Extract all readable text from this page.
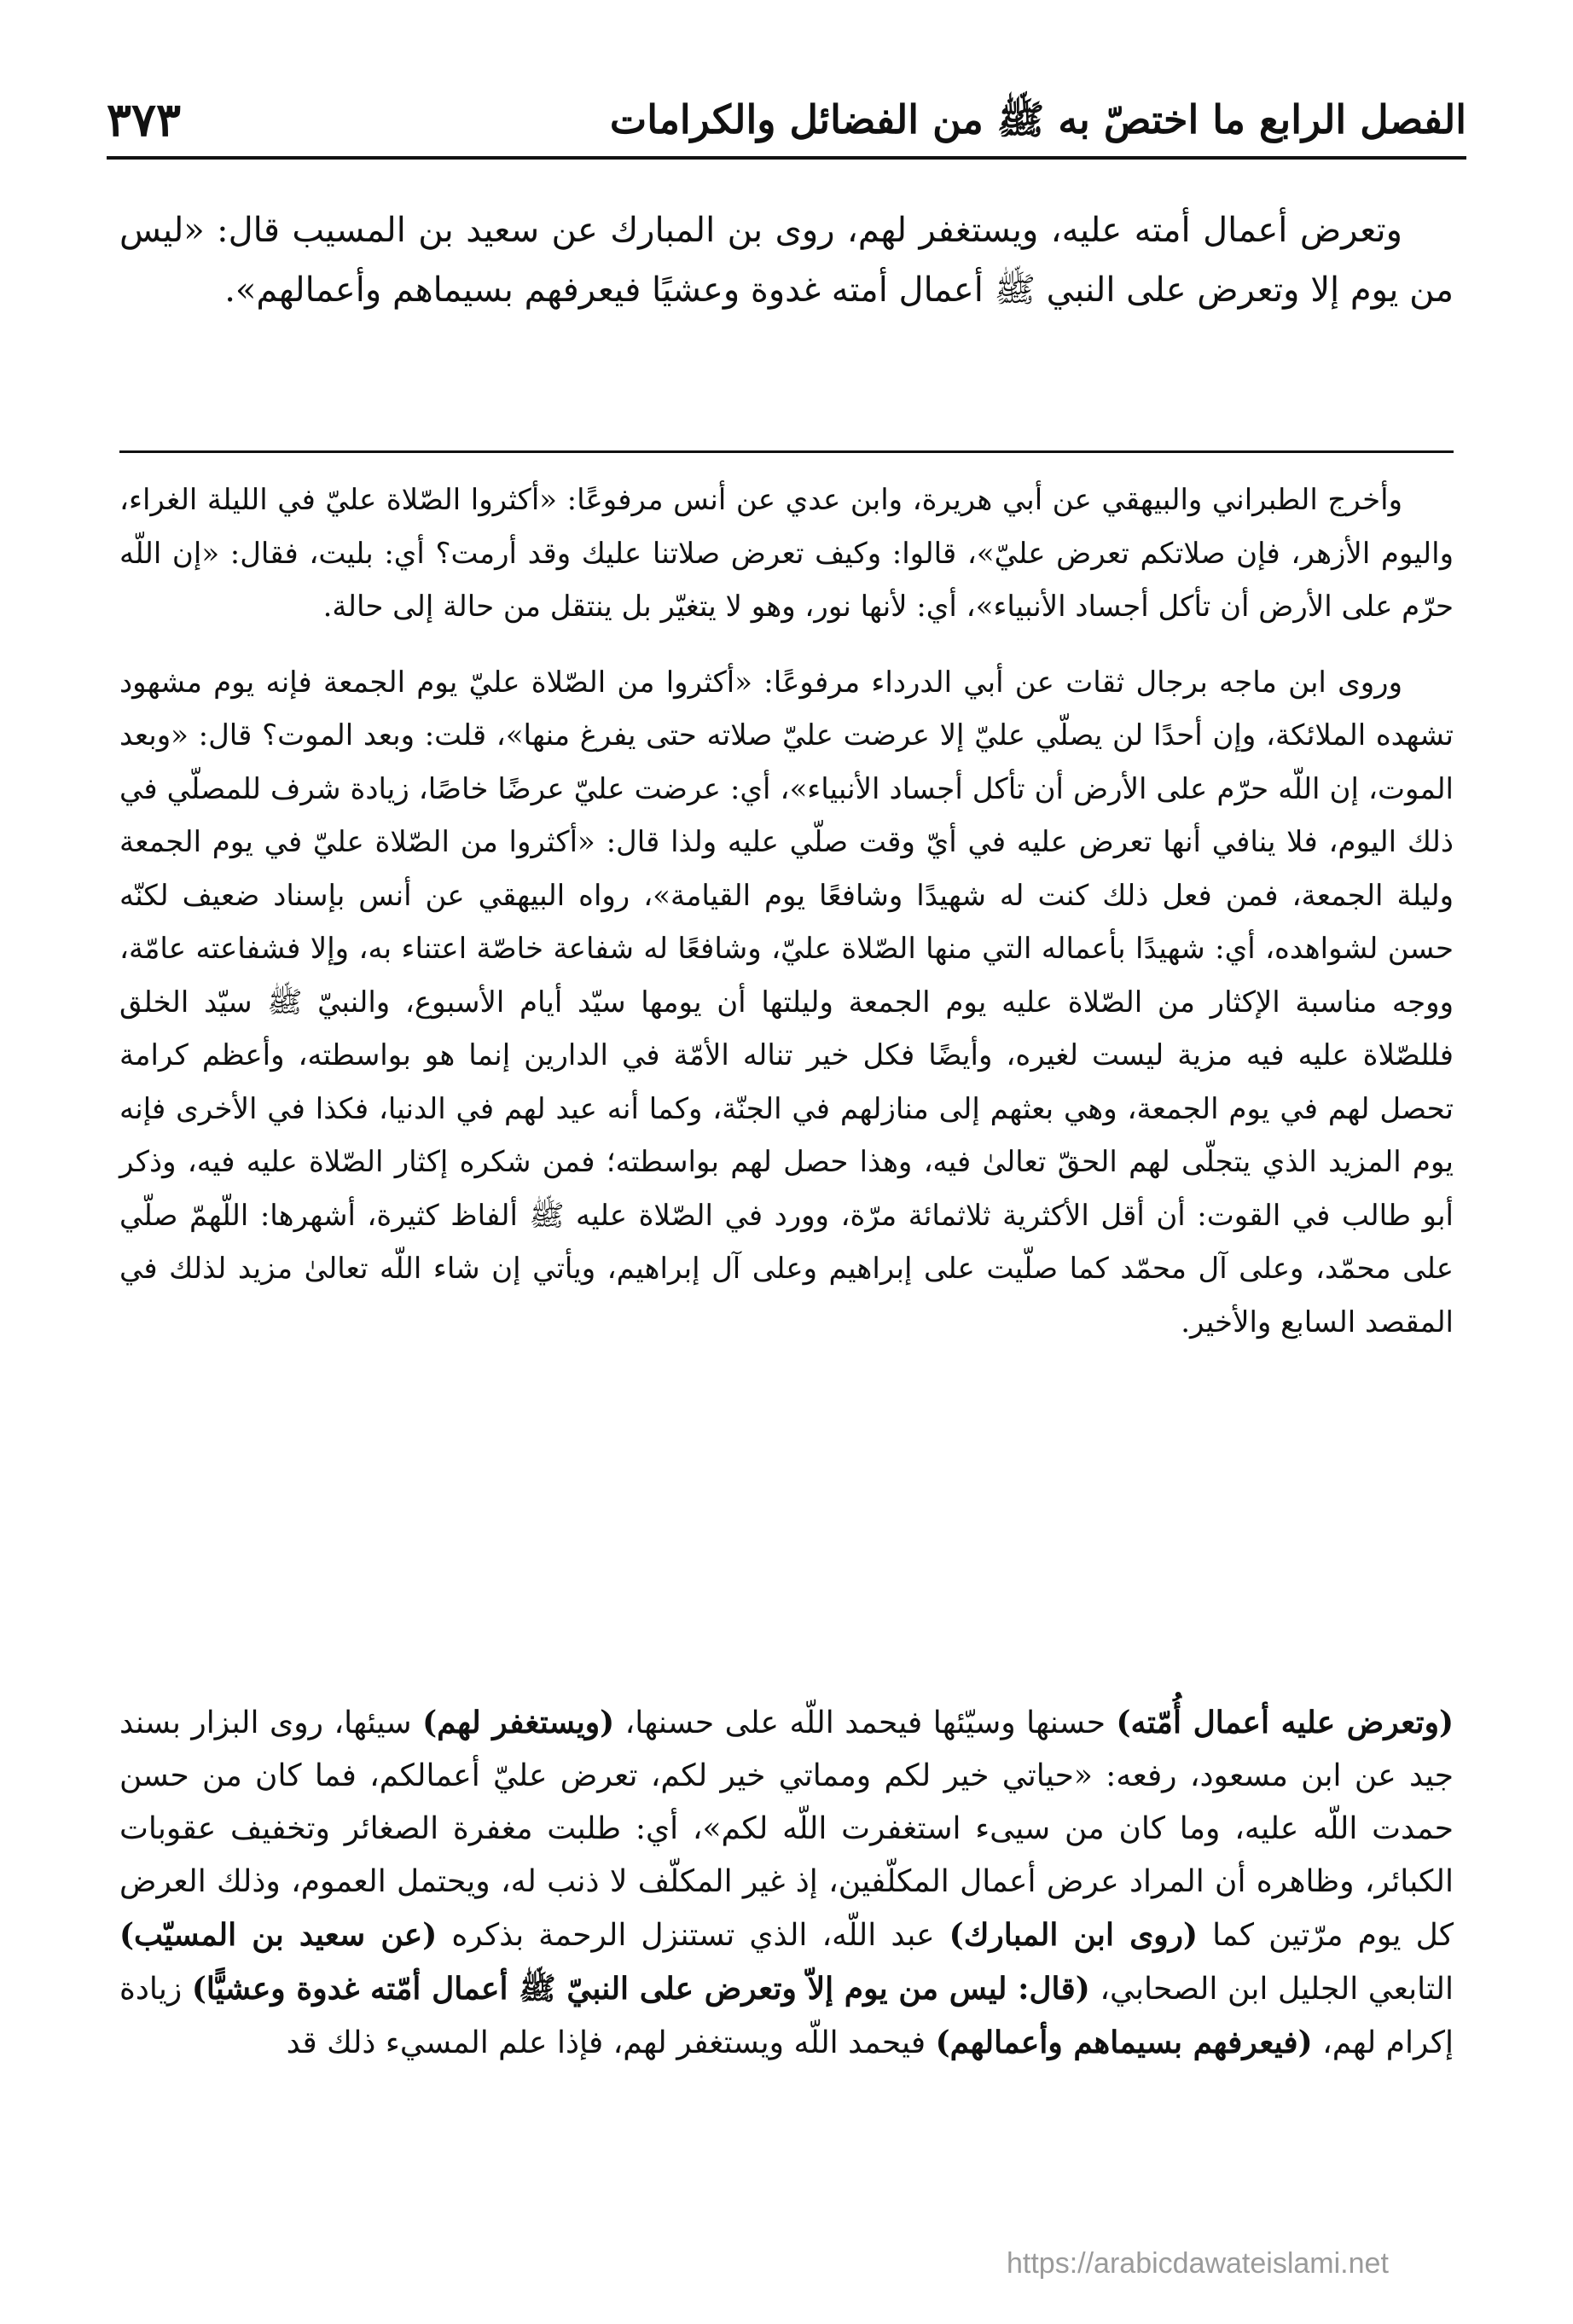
الفصل الرابع ما اختصّ به ﷺ من الفضائل والكرامات
٣٧٣

وتعرض أعمال أمته عليه، ويستغفر لهم، روى بن المبارك عن سعيد بن المسيب قال: «ليس من يوم إلا وتعرض على النبي ﷺ أعمال أمته غدوة وعشيًا فيعرفهم بسيماهم وأعمالهم».

وأخرج الطبراني والبيهقي عن أبي هريرة، وابن عدي عن أنس مرفوعًا: «أكثروا الصّلاة عليّ في الليلة الغراء، واليوم الأزهر، فإن صلاتكم تعرض عليّ»، قالوا: وكيف تعرض صلاتنا عليك وقد أرمت؟ أي: بليت، فقال: «إن اللّه حرّم على الأرض أن تأكل أجساد الأنبياء»، أي: لأنها نور، وهو لا يتغيّر بل ينتقل من حالة إلى حالة.

وروى ابن ماجه برجال ثقات عن أبي الدرداء مرفوعًا: «أكثروا من الصّلاة عليّ يوم الجمعة فإنه يوم مشهود تشهده الملائكة، وإن أحدًا لن يصلّي عليّ إلا عرضت عليّ صلاته حتى يفرغ منها»، قلت: وبعد الموت؟ قال: «وبعد الموت، إن اللّه حرّم على الأرض أن تأكل أجساد الأنبياء»، أي: عرضت عليّ عرضًا خاصًا، زيادة شرف للمصلّي في ذلك اليوم، فلا ينافي أنها تعرض عليه في أيّ وقت صلّي عليه ولذا قال: «أكثروا من الصّلاة عليّ في يوم الجمعة وليلة الجمعة، فمن فعل ذلك كنت له شهيدًا وشافعًا يوم القيامة»، رواه البيهقي عن أنس بإسناد ضعيف لكنّه حسن لشواهده، أي: شهيدًا بأعماله التي منها الصّلاة عليّ، وشافعًا له شفاعة خاصّة اعتناء به، وإلا فشفاعته عامّة، ووجه مناسبة الإكثار من الصّلاة عليه يوم الجمعة وليلتها أن يومها سيّد أيام الأسبوع، والنبيّ ﷺ سيّد الخلق فللصّلاة عليه فيه مزية ليست لغيره، وأيضًا فكل خير تناله الأمّة في الدارين إنما هو بواسطته، وأعظم كرامة تحصل لهم في يوم الجمعة، وهي بعثهم إلى منازلهم في الجنّة، وكما أنه عيد لهم في الدنيا، فكذا في الأخرى فإنه يوم المزيد الذي يتجلّى لهم الحقّ تعالىٰ فيه، وهذا حصل لهم بواسطته؛ فمن شكره إكثار الصّلاة عليه فيه، وذكر أبو طالب في القوت: أن أقل الأكثرية ثلاثمائة مرّة، وورد في الصّلاة عليه ﷺ ألفاظ كثيرة، أشهرها: اللّهمّ صلّي على محمّد، وعلى آل محمّد كما صلّيت على إبراهيم وعلى آل إبراهيم، ويأتي إن شاء اللّه تعالىٰ مزيد لذلك في المقصد السابع والأخير.

(وتعرض عليه أعمال أُمّته) حسنها وسيّئها فيحمد اللّه على حسنها، (ويستغفر لهم) سيئها، روى البزار بسند جيد عن ابن مسعود، رفعه: «حياتي خير لكم ومماتي خير لكم، تعرض عليّ أعمالكم، فما كان من حسن حمدت اللّه عليه، وما كان من سيىء استغفرت اللّه لكم»، أي: طلبت مغفرة الصغائر وتخفيف عقوبات الكبائر، وظاهره أن المراد عرض أعمال المكلّفين، إذ غير المكلّف لا ذنب له، ويحتمل العموم، وذلك العرض كل يوم مرّتين كما (روى ابن المبارك) عبد اللّه، الذي تستنزل الرحمة بذكره (عن سعيد بن المسيّب) التابعي الجليل ابن الصحابي، (قال: ليس من يوم إلاّ وتعرض على النبيّ ﷺ أعمال أمّته غدوة وعشيًّا) زيادة إكرام لهم، (فيعرفهم بسيماهم وأعمالهم) فيحمد اللّه ويستغفر لهم، فإذا علم المسيء ذلك قد

https://arabicdawateislami.net
